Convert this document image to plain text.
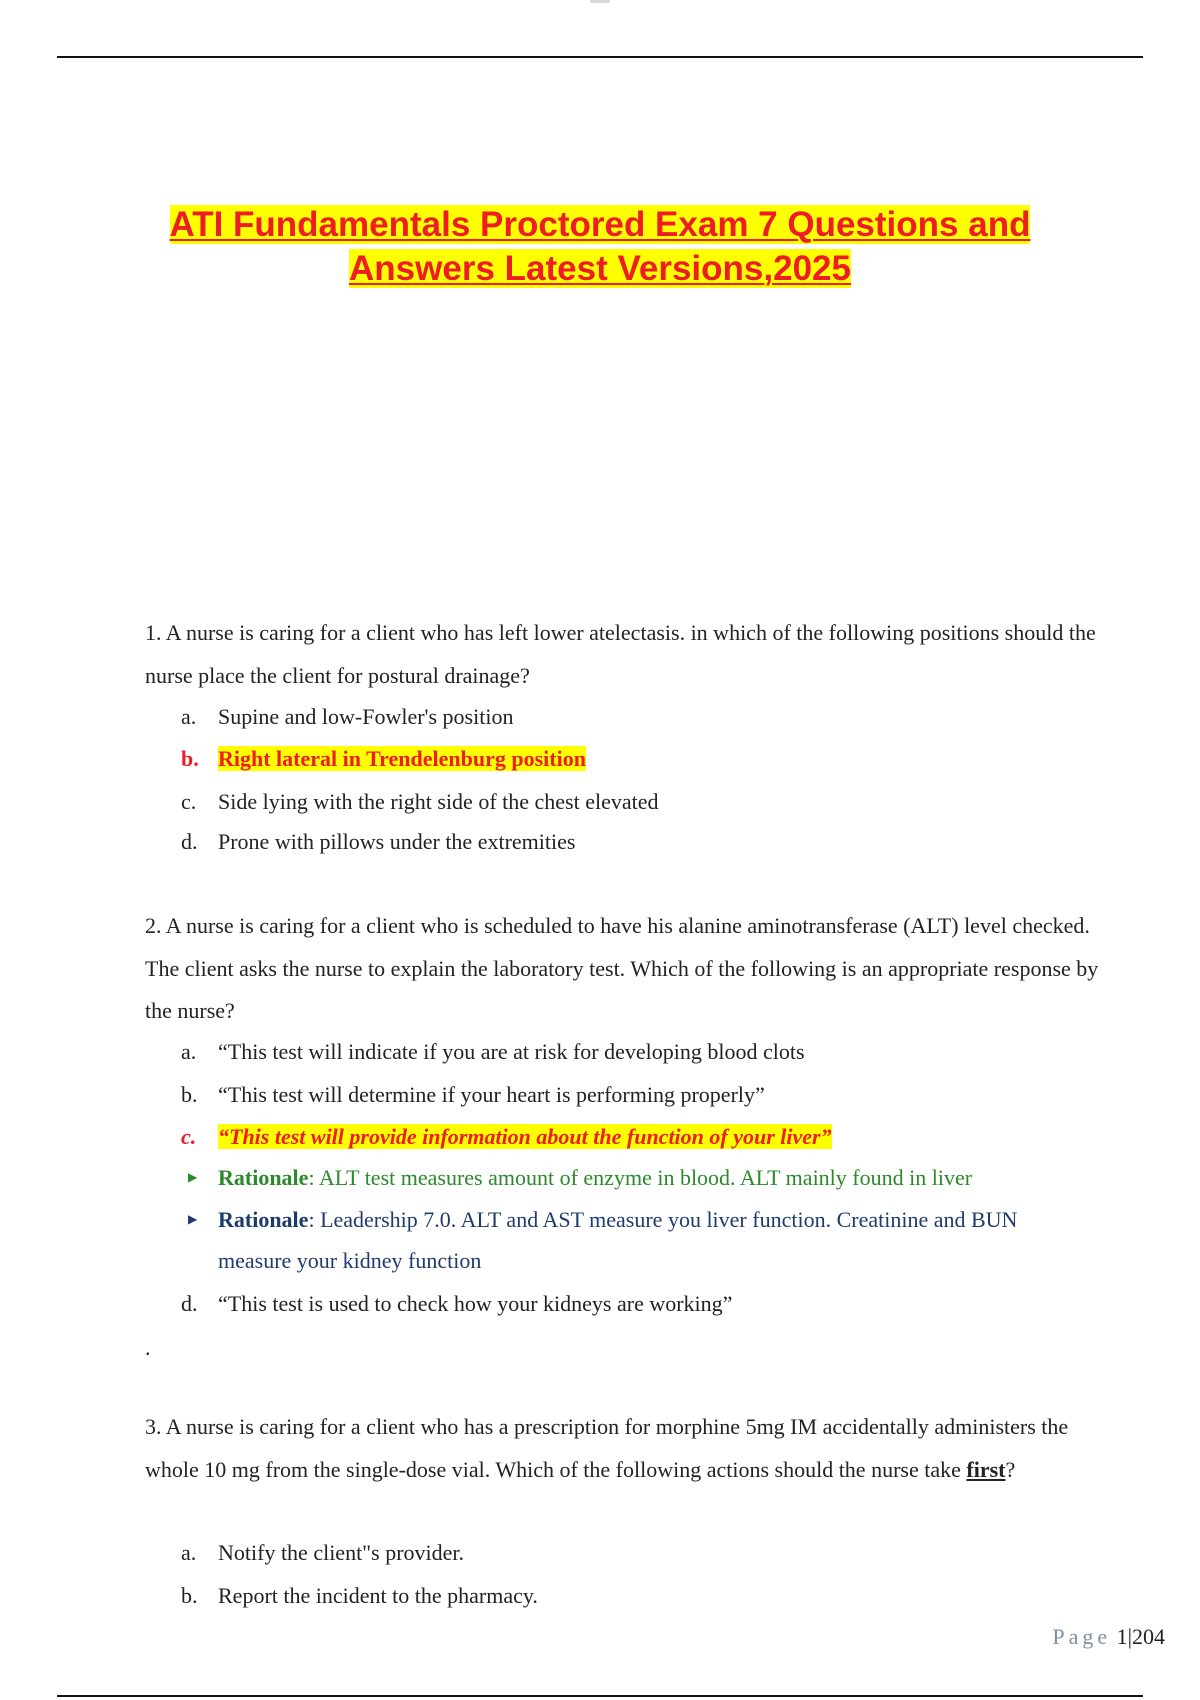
ATI Fundamentals Proctored Exam 7 Questions and
Answers Latest Versions,2025

1. A nurse is caring for a client who has left lower atelectasis. in which of the following positions should the nurse place the client for postural drainage?

a. Supine and low-Fowler's position
b. Right lateral in Trendelenburg position
c. Side lying with the right side of the chest elevated
d. Prone with pillows under the extremities

2. A nurse is caring for a client who is scheduled to have his alanine aminotransferase (ALT) level checked. The client asks the nurse to explain the laboratory test. Which of the following is an appropriate response by the nurse?

a. “This test will indicate if you are at risk for developing blood clots
b. “This test will determine if your heart is performing properly”
c. “This test will provide information about the function of your liver”
▶ Rationale: ALT test measures amount of enzyme in blood. ALT mainly found in liver
▶ Rationale: Leadership 7.0. ALT and AST measure you liver function. Creatinine and BUN measure your kidney function
d. “This test is used to check how your kidneys are working”
.

3. A nurse is caring for a client who has a prescription for morphine 5mg IM accidentally administers the whole 10 mg from the single-dose vial. Which of the following actions should the nurse take first?

a. Notify the client"s provider.
b. Report the incident to the pharmacy.
Page 1|204
